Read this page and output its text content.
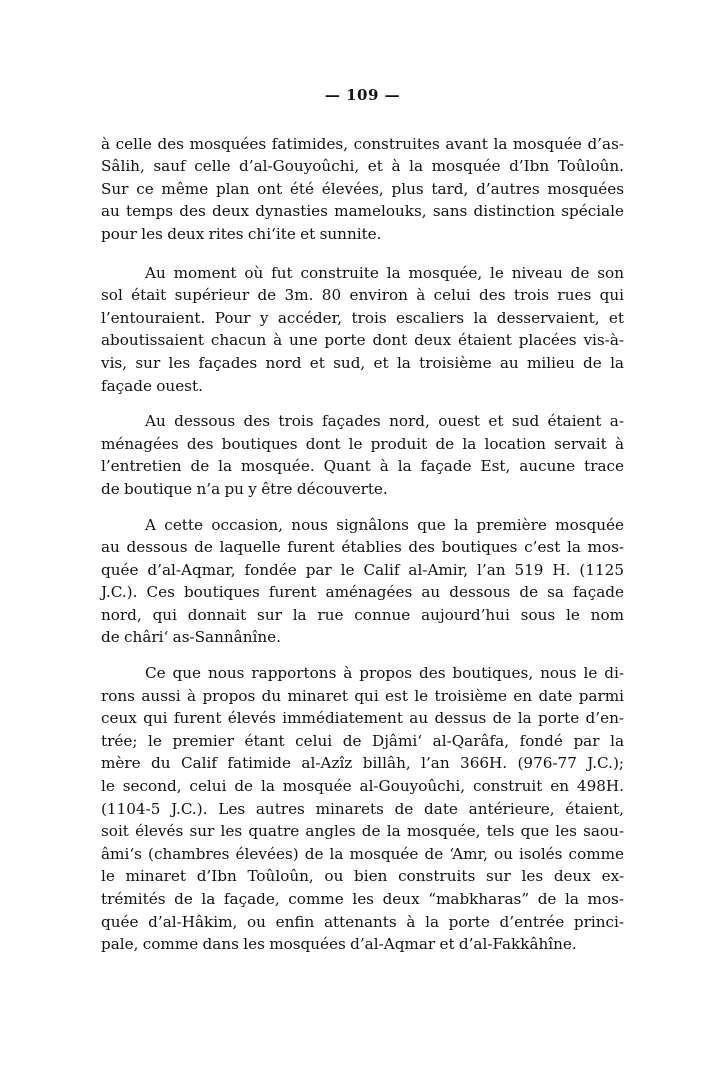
— 109 —
à celle des mosquées fatimides, construites avant la mosquée d’as-
Sâlih, sauf celle d’al-Gouyoûchi, et à la mosquée d’Ibn Toûloûn.
Sur ce même plan ont été élevées, plus tard, d’autres mosquées
au temps des deux dynasties mamelouks, sans distinction spéciale
pour les deux rites chi‘ite et sunnite.
Au moment où fut construite la mosquée, le niveau de son
sol était supérieur de 3m. 80 environ à celui des trois rues qui
l’entouraient. Pour y accéder, trois escaliers la desservaient, et
aboutissaient chacun à une porte dont deux étaient placées vis-à-
vis, sur les façades nord et sud, et la troisième au milieu de la
façade ouest.
Au dessous des trois façades nord, ouest et sud étaient a-
ménagées des boutiques dont le produit de la location servait à
l’entretien de la mosquée. Quant à la façade Est, aucune trace
de boutique n’a pu y être découverte.
A cette occasion, nous signâlons que la première mosquée
au dessous de laquelle furent établies des boutiques c’est la mos-
quée d’al-Aqmar, fondée par le Calif al-Amir, l’an 519 H. (1125
J.C.). Ces boutiques furent aménagées au dessous de sa façade
nord, qui donnait sur la rue connue aujourd’hui sous le nom
de châri‘ as-Sannânîne.
Ce que nous rapportons à propos des boutiques, nous le di-
rons aussi à propos du minaret qui est le troisième en date parmi
ceux qui furent élevés immédiatement au dessus de la porte d’en-
trée; le premier étant celui de Djâmi‘ al-Qarâfa, fondé par la
mère du Calif fatimide al-Azîz billâh, l’an 366H. (976-77 J.C.);
le second, celui de la mosquée al-Gouyoûchi, construit en 498H.
(1104-5 J.C.). Les autres minarets de date antérieure, étaient,
soit élevés sur les quatre angles de la mosquée, tels que les saou-
âmi‘s (chambres élevées) de la mosquée de ‘Amr, ou isolés comme
le minaret d’Ibn Toûloûn, ou bien construits sur les deux ex-
trémités de la façade, comme les deux “mabkharas” de la mos-
quée d’al-Hâkim, ou enfin attenants à la porte d’entrée princi-
pale, comme dans les mosquées d’al-Aqmar et d’al-Fakkâhîne.
